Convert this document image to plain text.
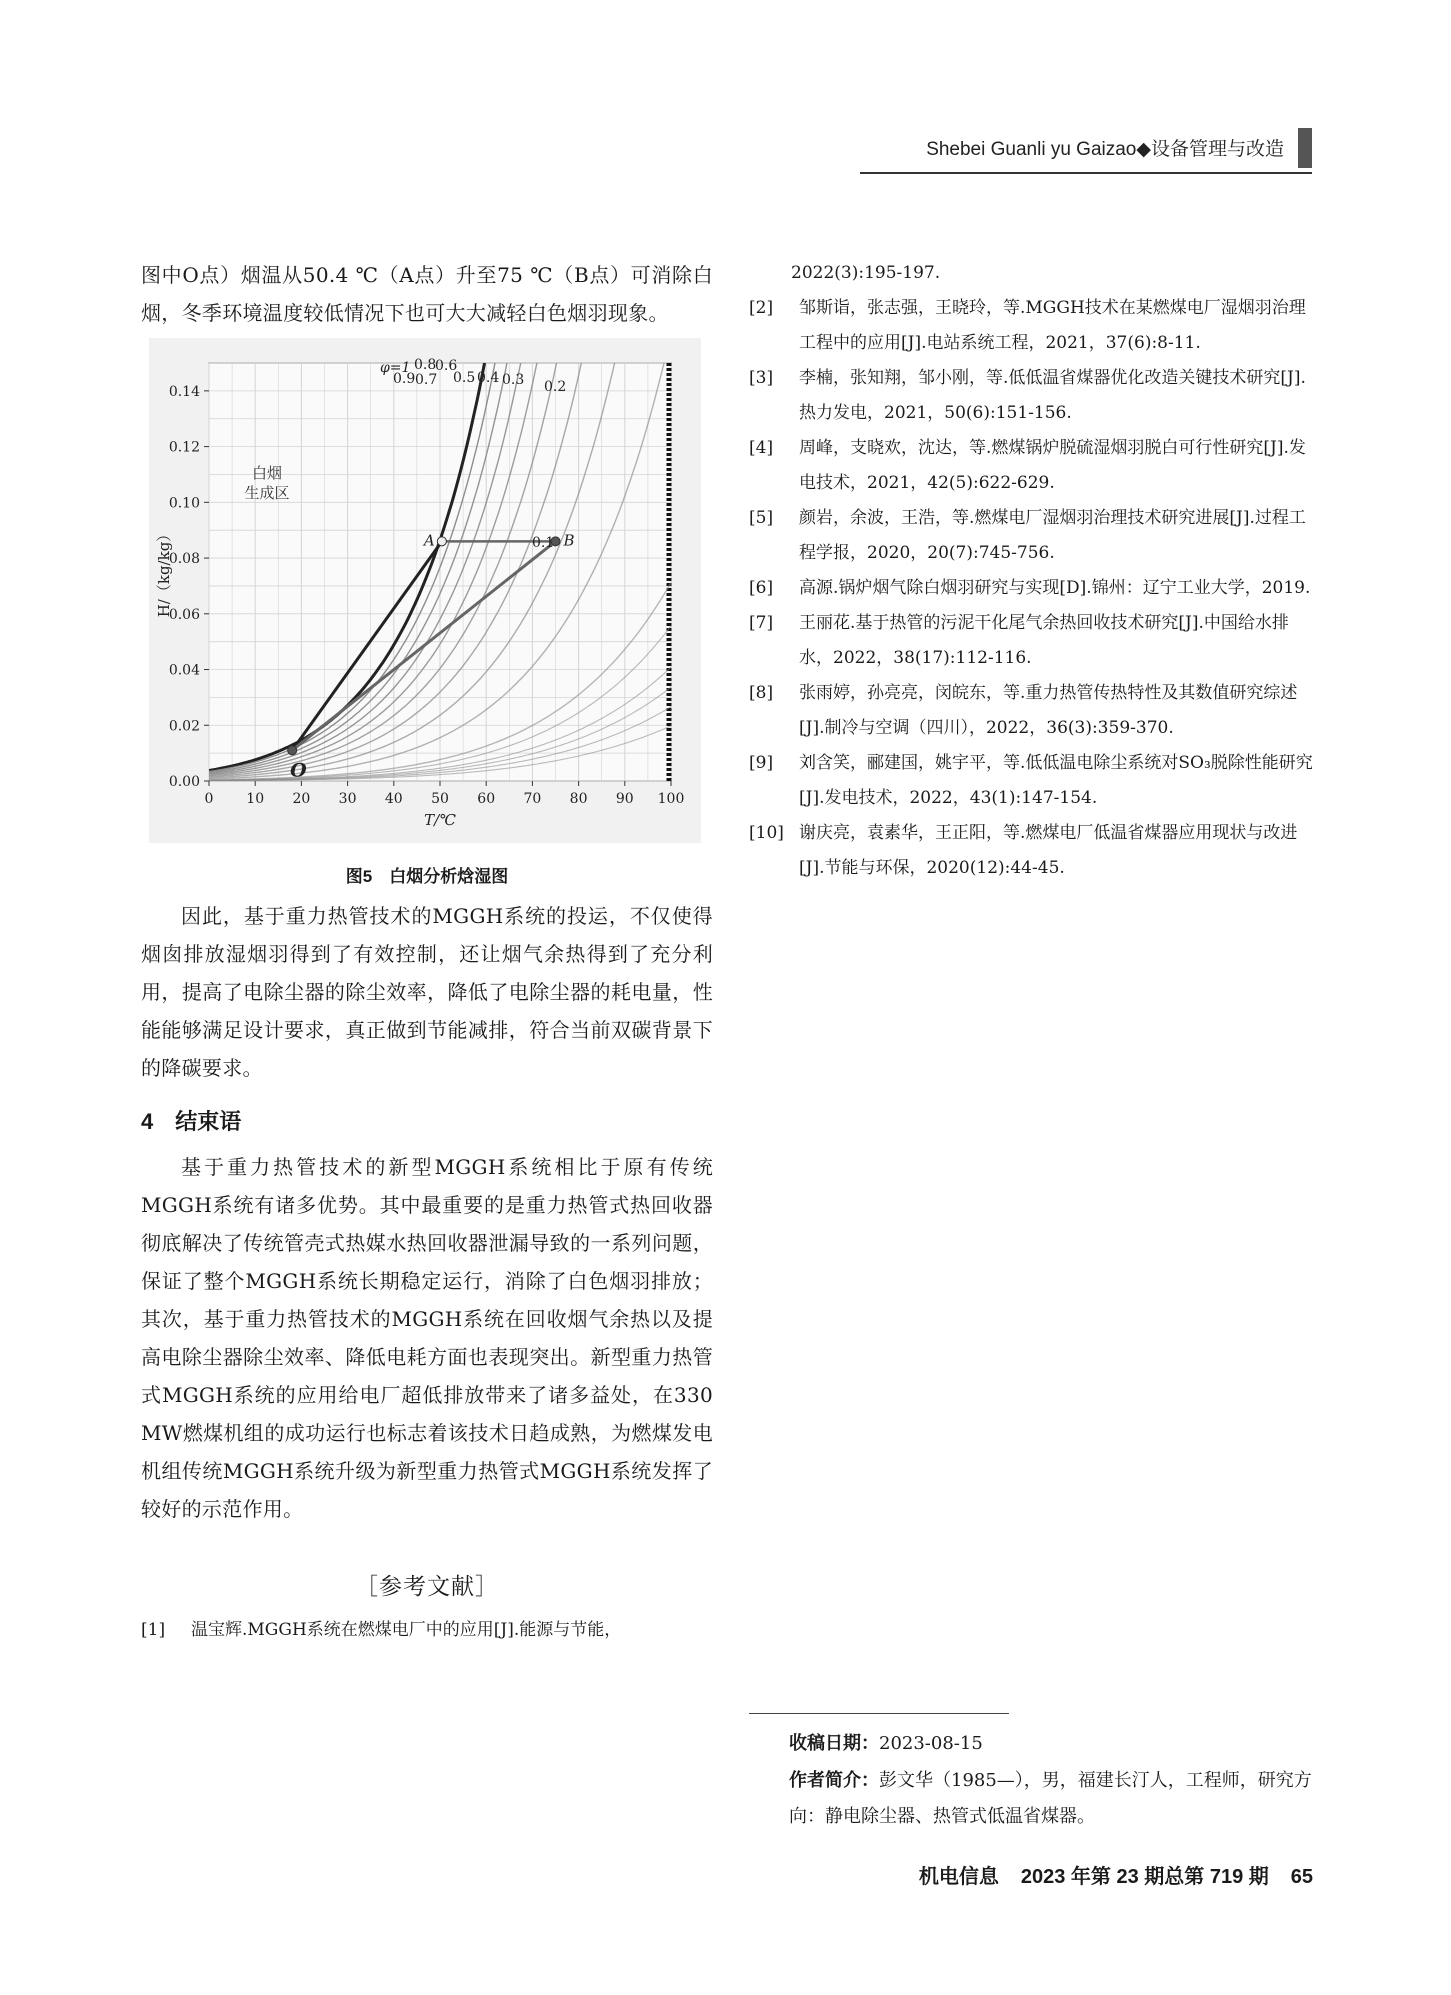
Shebei Guanli yu Gaizao◆设备管理与改造

图中O点）烟温从50.4 ℃（A点）升至75 ℃（B点）可消除白烟，冬季环境温度较低情况下也可大大减轻白色烟羽现象。

A	B
O
φ=1
0.9
0.8
0.7
0.6
0.5 0.4 0.3 0.2
0.1
白烟
生成区
0 10 20 30 40 50 60 70 80 90 100
0.00
0.02
0.04
0.06
0.08
0.10
0.12
0.14
T/℃
H/（kg/kg）
图5　白烟分析焓湿图

因此，基于重力热管技术的MGGH系统的投运，不仅使得烟囱排放湿烟羽得到了有效控制，还让烟气余热得到了充分利用，提高了电除尘器的除尘效率，降低了电除尘器的耗电量，性能能够满足设计要求，真正做到节能减排，符合当前双碳背景下的降碳要求。

4　结束语

基于重力热管技术的新型MGGH系统相比于原有传统MGGH系统有诸多优势。其中最重要的是重力热管式热回收器彻底解决了传统管壳式热媒水热回收器泄漏导致的一系列问题，保证了整个MGGH系统长期稳定运行，消除了白色烟羽排放；其次，基于重力热管技术的MGGH系统在回收烟气余热以及提高电除尘器除尘效率、降低电耗方面也表现突出。新型重力热管式MGGH系统的应用给电厂超低排放带来了诸多益处，在330 MW燃煤机组的成功运行也标志着该技术日趋成熟，为燃煤发电机组传统MGGH系统升级为新型重力热管式MGGH系统发挥了较好的示范作用。

［参考文献］

[1] 温宝辉.MGGH系统在燃煤电厂中的应用[J].能源与节能，

2022(3):195-197.

[2] 邹斯诣，张志强，王晓玲，等.MGGH技术在某燃煤电厂湿烟羽治理工程中的应用[J].电站系统工程，2021，37(6):8-11.

[3] 李楠，张知翔，邹小刚，等.低低温省煤器优化改造关键技术研究[J].热力发电，2021，50(6):151-156.

[4] 周峰，支晓欢，沈达，等.燃煤锅炉脱硫湿烟羽脱白可行性研究[J].发电技术，2021，42(5):622-629.

[5] 颜岩，余波，王浩，等.燃煤电厂湿烟羽治理技术研究进展[J].过程工程学报，2020，20(7):745-756.

[6] 高源.锅炉烟气除白烟羽研究与实现[D].锦州：辽宁工业大学，2019.

[7] 王丽花.基于热管的污泥干化尾气余热回收技术研究[J].中国给水排水，2022，38(17):112-116.

[8] 张雨婷，孙亮亮，闵皖东，等.重力热管传热特性及其数值研究综述[J].制冷与空调（四川），2022，36(3):359-370.

[9] 刘含笑，郦建国，姚宇平，等.低低温电除尘系统对SO₃脱除性能研究[J].发电技术，2022，43(1):147-154.

[10] 谢庆亮，袁素华，王正阳，等.燃煤电厂低温省煤器应用现状与改进[J].节能与环保，2020(12):44-45.

收稿日期：2023-08-15

作者简介：彭文华（1985—），男，福建长汀人，工程师，研究方向：静电除尘器、热管式低温省煤器。

机电信息 2023 年第 23 期总第 719 期 65
